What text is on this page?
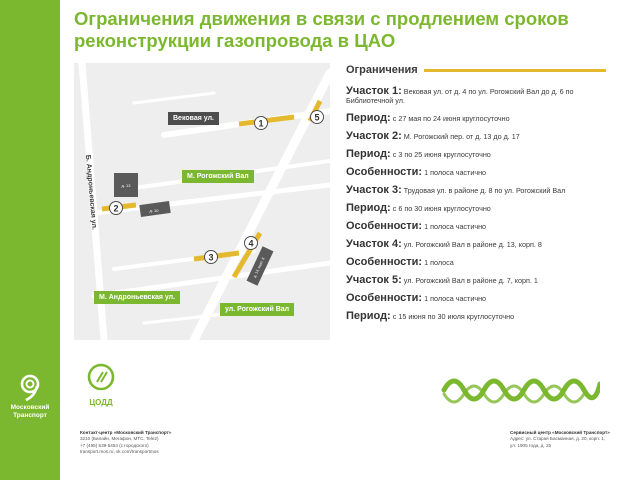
Московский
Транспорт
Ограничения движения в связи с продлением сроков реконструкции газопровода в ЦАО
д. 13
д. 10
д. 13, корп. 8
1
2
3
4
5
Б. Андроньевская ул.
Вековая ул.
М. Рогожский Вал
М. Андроньевская ул.
ул. Рогожский Вал
Ограничения
Участок 1: Вековая ул. от д. 4 по ул. Рогожский Вал до д. 6 по Библиотечной ул.
Период: с 27 мая по 24 июня круглосуточно
Участок 2: М. Рогожский пер. от д. 13 до д. 17
Период: с 3 по 25 июня круглосуточно
Особенности: 1 полоса частично
Участок 3: Трудовая ул. в районе д. 8 по ул. Рогожский Вал
Период: с 6 по 30 июня круглосуточно
Особенности: 1 полоса частично
Участок 4: ул. Рогожский Вал в районе д. 13, корп. 8
Особенности: 1 полоса
Участок 5: ул. Рогожский Вал в районе д. 7, корп. 1
Особенности: 1 полоса частично
Период: с 15 июня по 30 июля круглосуточно
ЦОДД
Контакт-центр «Московский Транспорт»
3210 (Билайн, Мегафон, МТС, Tele2)
+7 (495) 539-5454 (с городского)
transport.mos.ru, vk.com/transportmos
Сервисный центр «Московский Транспорт»
Адрес: ул. Старая Басманная, д. 20, корп. 1,
ул. 1905 года, д. 25
